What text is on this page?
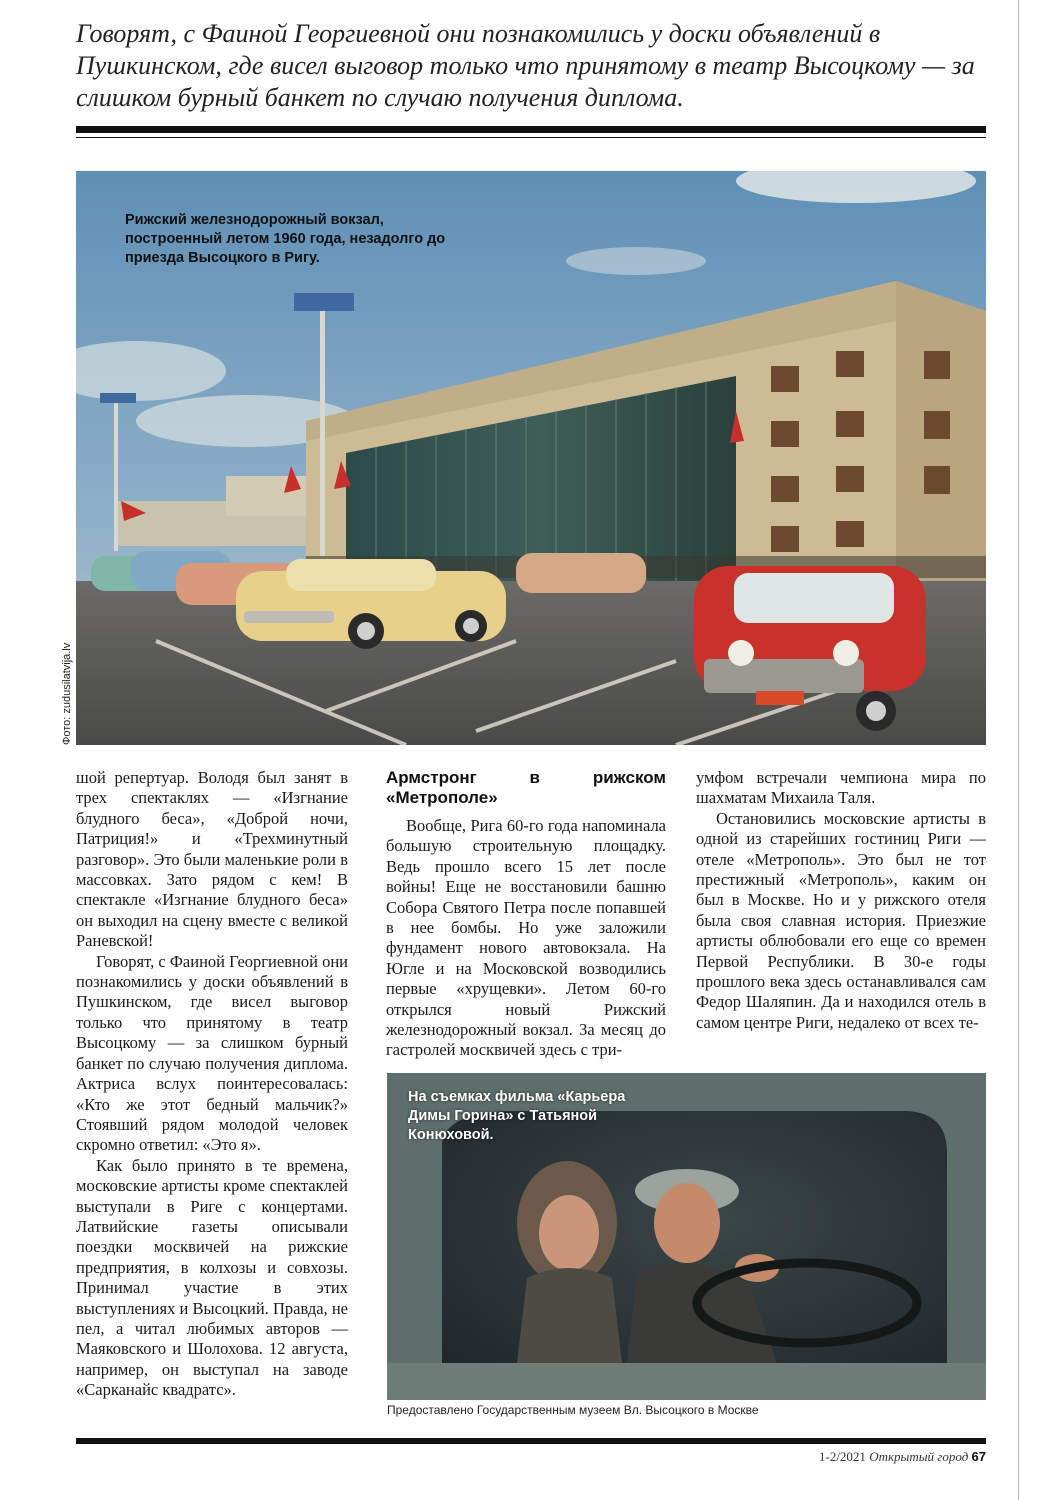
Говорят, с Фаиной Георгиевной они познакомились у доски объявлений в Пушкинском, где висел выговор только что принятому в театр Высоцкому — за слишком бурный банкет по случаю получения диплома.
Рижский железнодорожный вокзал, построенный летом 1960 года, незадолго до приезда Высоцкого в Ригу.
Фото: zudusilatvija.lv

шой репертуар. Володя был занят в трех спектаклях — «Изгнание блудного беса», «Доброй ночи, Патриция!» и «Трехминутный разговор». Это были маленькие роли в массовках. Зато рядом с кем! В спектакле «Изгнание блудного беса» он выходил на сцену вместе с великой Раневской!

Говорят, с Фаиной Георгиевной они познакомились у доски объявлений в Пушкинском, где висел выговор только что принятому в театр Высоцкому — за слишком бурный банкет по случаю получения диплома. Актриса вслух поинтересовалась: «Кто же этот бедный мальчик?» Стоявший рядом молодой человек скромно ответил: «Это я».

Как было принято в те времена, московские артисты кроме спектаклей выступали в Риге с концертами. Латвийские газеты описывали поездки москвичей на рижские предприятия, в колхозы и совхозы. Принимал участие в этих выступлениях и Высоцкий. Правда, не пел, а читал любимых авторов — Маяковского и Шолохова. 12 августа, например, он выступал на заводе «Сарканайс квадратс».

Армстронг в рижском «Метрополе»

Вообще, Рига 60-го года напоминала большую строительную площадку. Ведь прошло всего 15 лет после войны! Еще не восстановили башню Собора Святого Петра после попавшей в нее бомбы. Но уже заложили фундамент нового автовокзала. На Югле и на Московской возводились первые «хрущевки». Летом 60-го открылся новый Рижский железнодорожный вокзал. За месяц до гастролей москвичей здесь с три-

умфом встречали чемпиона мира по шахматам Михаила Таля.

Остановились московские артисты в одной из старейших гостиниц Риги — отеле «Метрополь». Это был не тот престижный «Метрополь», каким он был в Москве. Но и у рижского отеля была своя славная история. Приезжие артисты облюбовали его еще со времен Первой Республики. В 30-е годы прошлого века здесь останавливался сам Федор Шаляпин. Да и находился отель в самом центре Риги, недалеко от всех те-

На съемках фильма «Карьера Димы Горина» с Татьяной Конюховой.
Предоставлено Государственным музеем Вл. Высоцкого в Москве
1-2/2021 Открытый город 67
